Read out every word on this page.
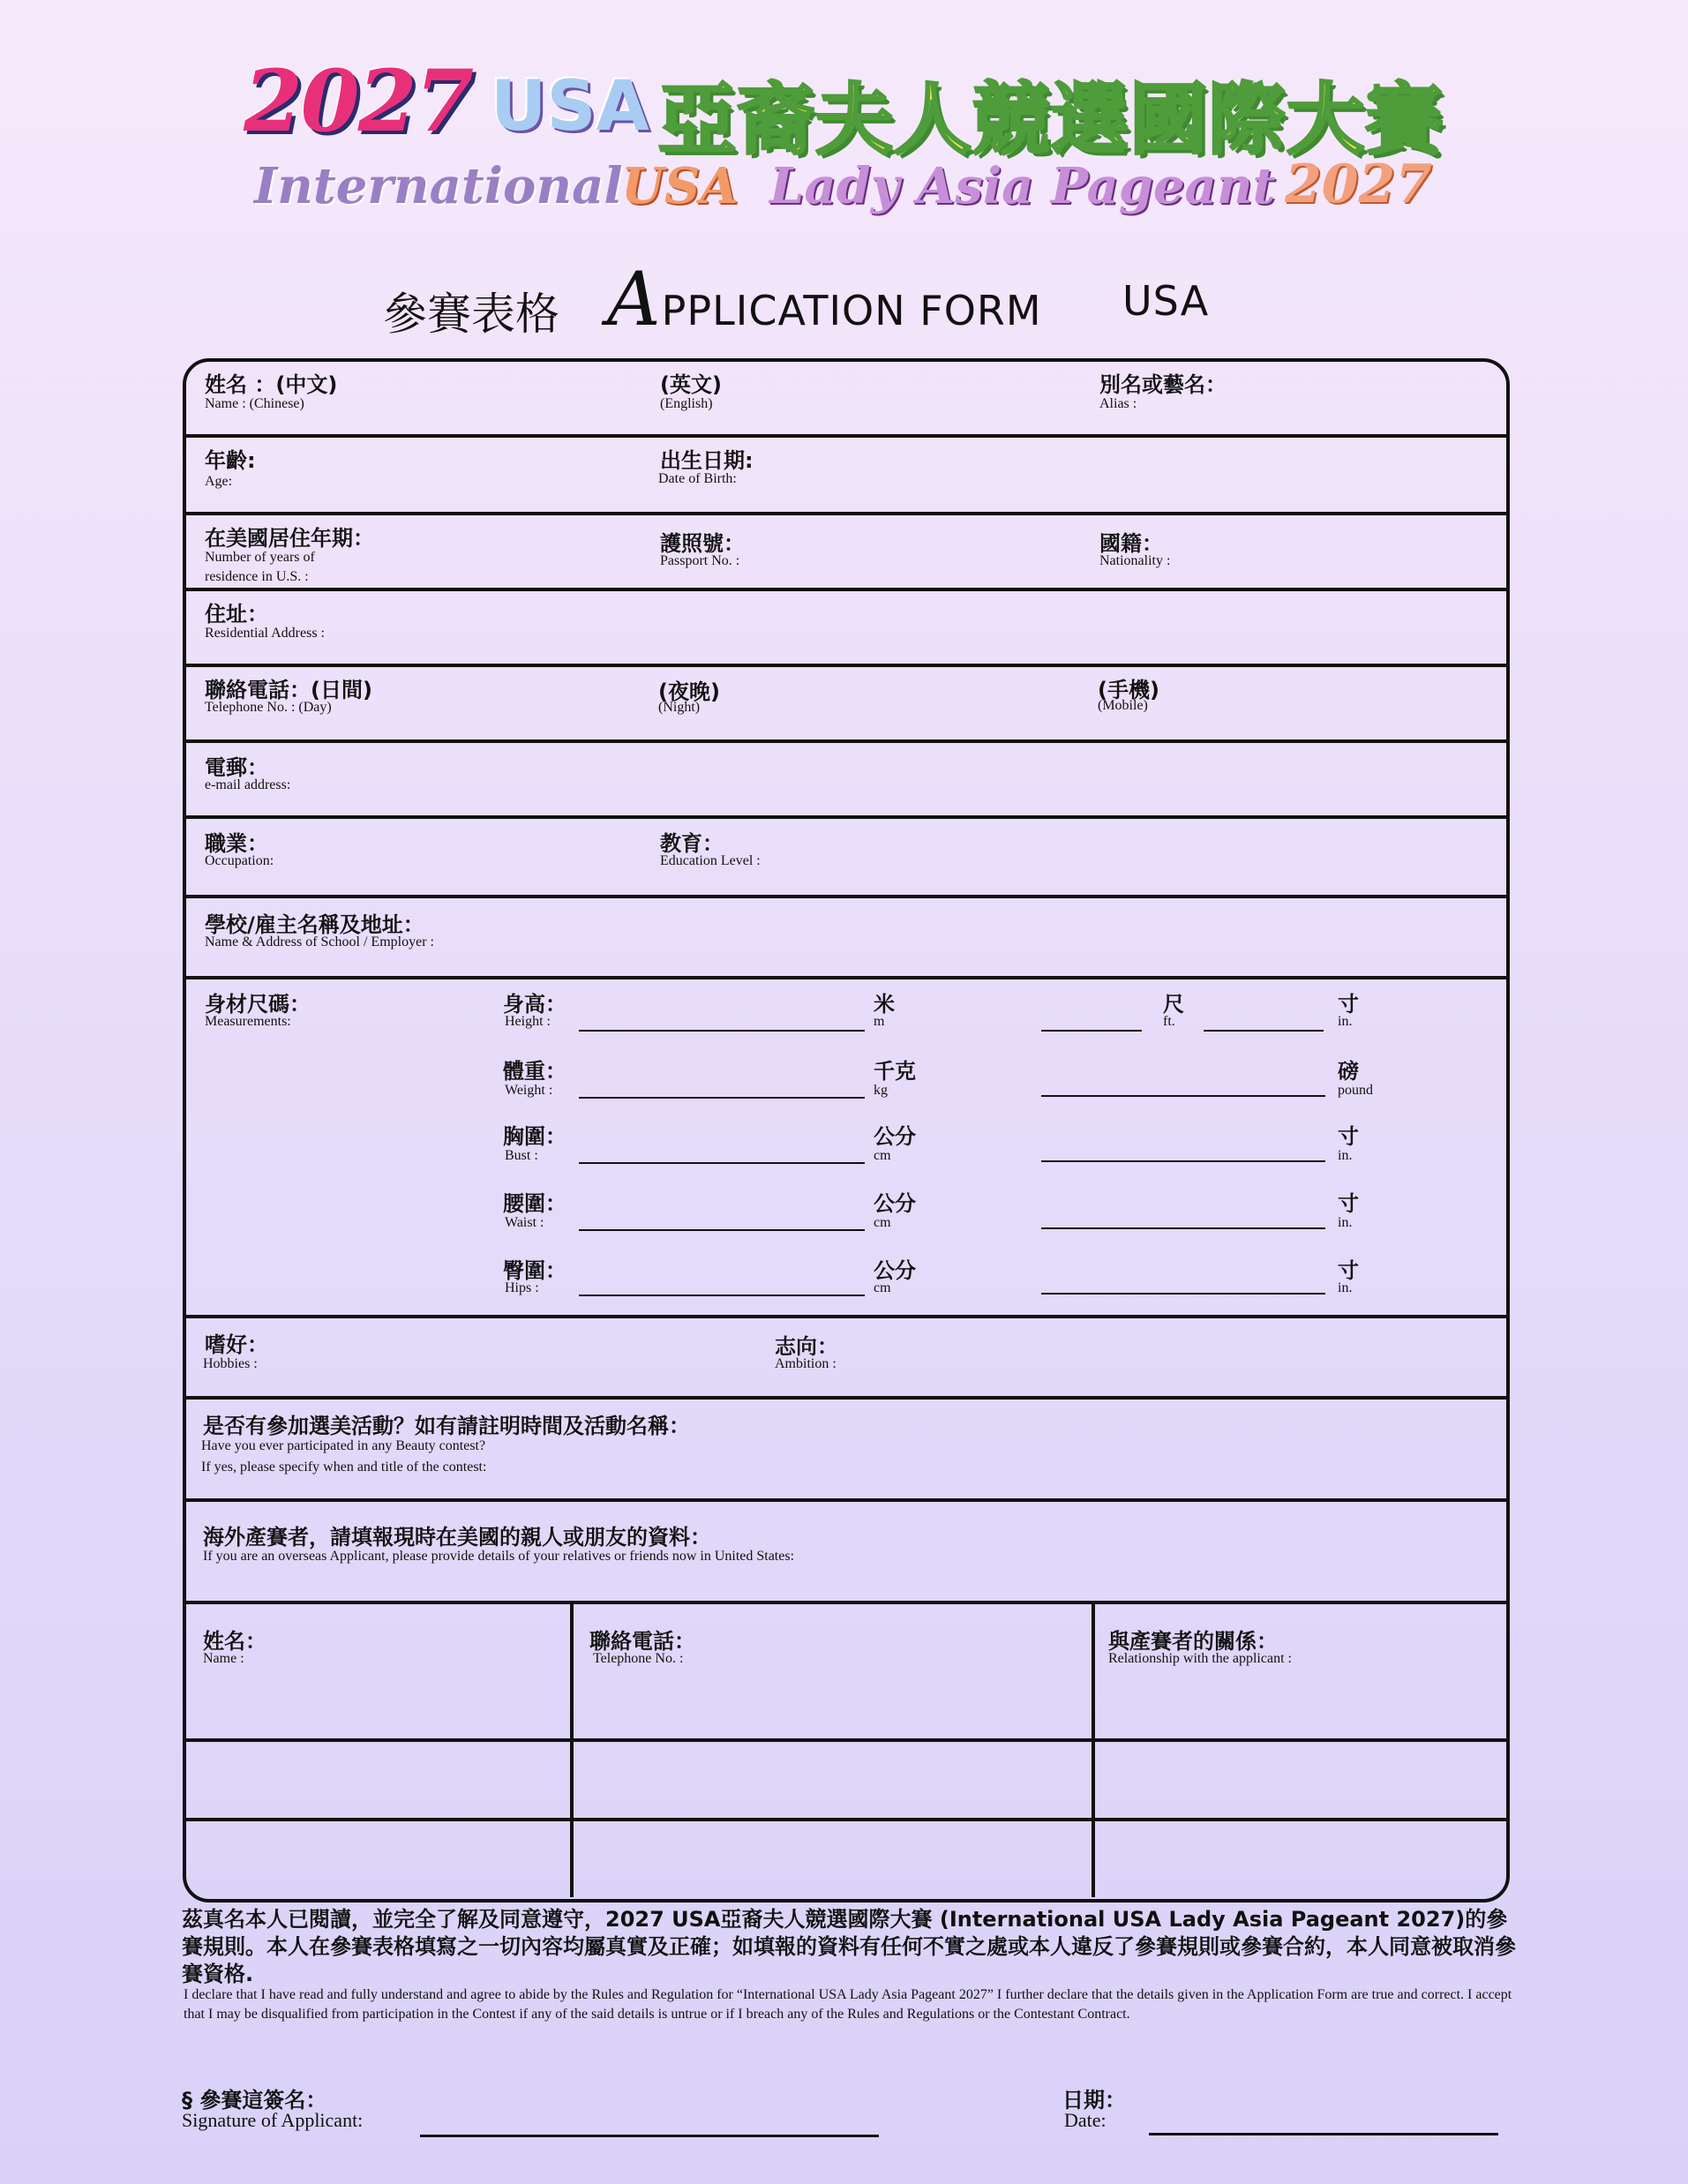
2027 USA 亞裔夫人競選國際大賽
International
USA Lady Asia Pageant 2027
參賽表格 APPLICATION FORM USA
姓名 ：(中文)
Name : (Chinese)
(英文)
(English)
別名或藝名：
Alias :
年齡:
Age:
出生日期:
Date of Birth:
在美國居住年期：
Number of years of
residence in U.S. :
護照號：
Passport No. :
國籍：
Nationality :
住址：
Residential Address :
聯絡電話：(日間)
Telephone No. : (Day)
(夜晚)
(Night)
(手機)
(Mobile)
電郵：
e-mail address:
職業：
Occupation:
教育：
Education Level :
學校/雇主名稱及地址：
Name & Address of School / Employer :
身材尺碼：
Measurements:
身高：
Height :
米
m
尺
ft.
寸
in.
體重：
Weight :
千克
kg
磅
pound
胸圍：
Bust :
公分
cm
寸
in.
腰圍：
Waist :
公分
cm
寸
in.
臀圍：
Hips :
公分
cm
寸
in.
嗜好：
Hobbies :
志向：
Ambition :
是否有參加選美活動？如有請註明時間及活動名稱：
Have you ever participated in any Beauty contest?
If yes, please specify when and title of the contest:
海外產賽者，請填報現時在美國的親人或朋友的資料：
If you are an overseas Applicant, please provide details of your relatives or friends now in United States:
姓名：
Name :
聯絡電話：
Telephone No. :
與產賽者的關係：
Relationship with the applicant :
茲真名本人已閱讀，並完全了解及同意遵守，2027 USA亞裔夫人競選國際大賽 (International USA Lady Asia Pageant 2027)的參賽規則。本人在參賽表格填寫之一切內容均屬真實及正確；如填報的資料有任何不實之處或本人違反了參賽規則或參賽合約，本人同意被取消參賽資格.
I declare that I have read and fully understand and agree to abide by the Rules and Regulation for “International USA Lady Asia Pageant 2027” I further declare that the details given in the Application Form are true and correct. I accept that I may be disqualified from participation in the Contest if any of the said details is untrue or if I breach any of the Rules and Regulations or the Contestant Contract.
§ 參賽這簽名：
Signature of Applicant:
日期：
Date:
